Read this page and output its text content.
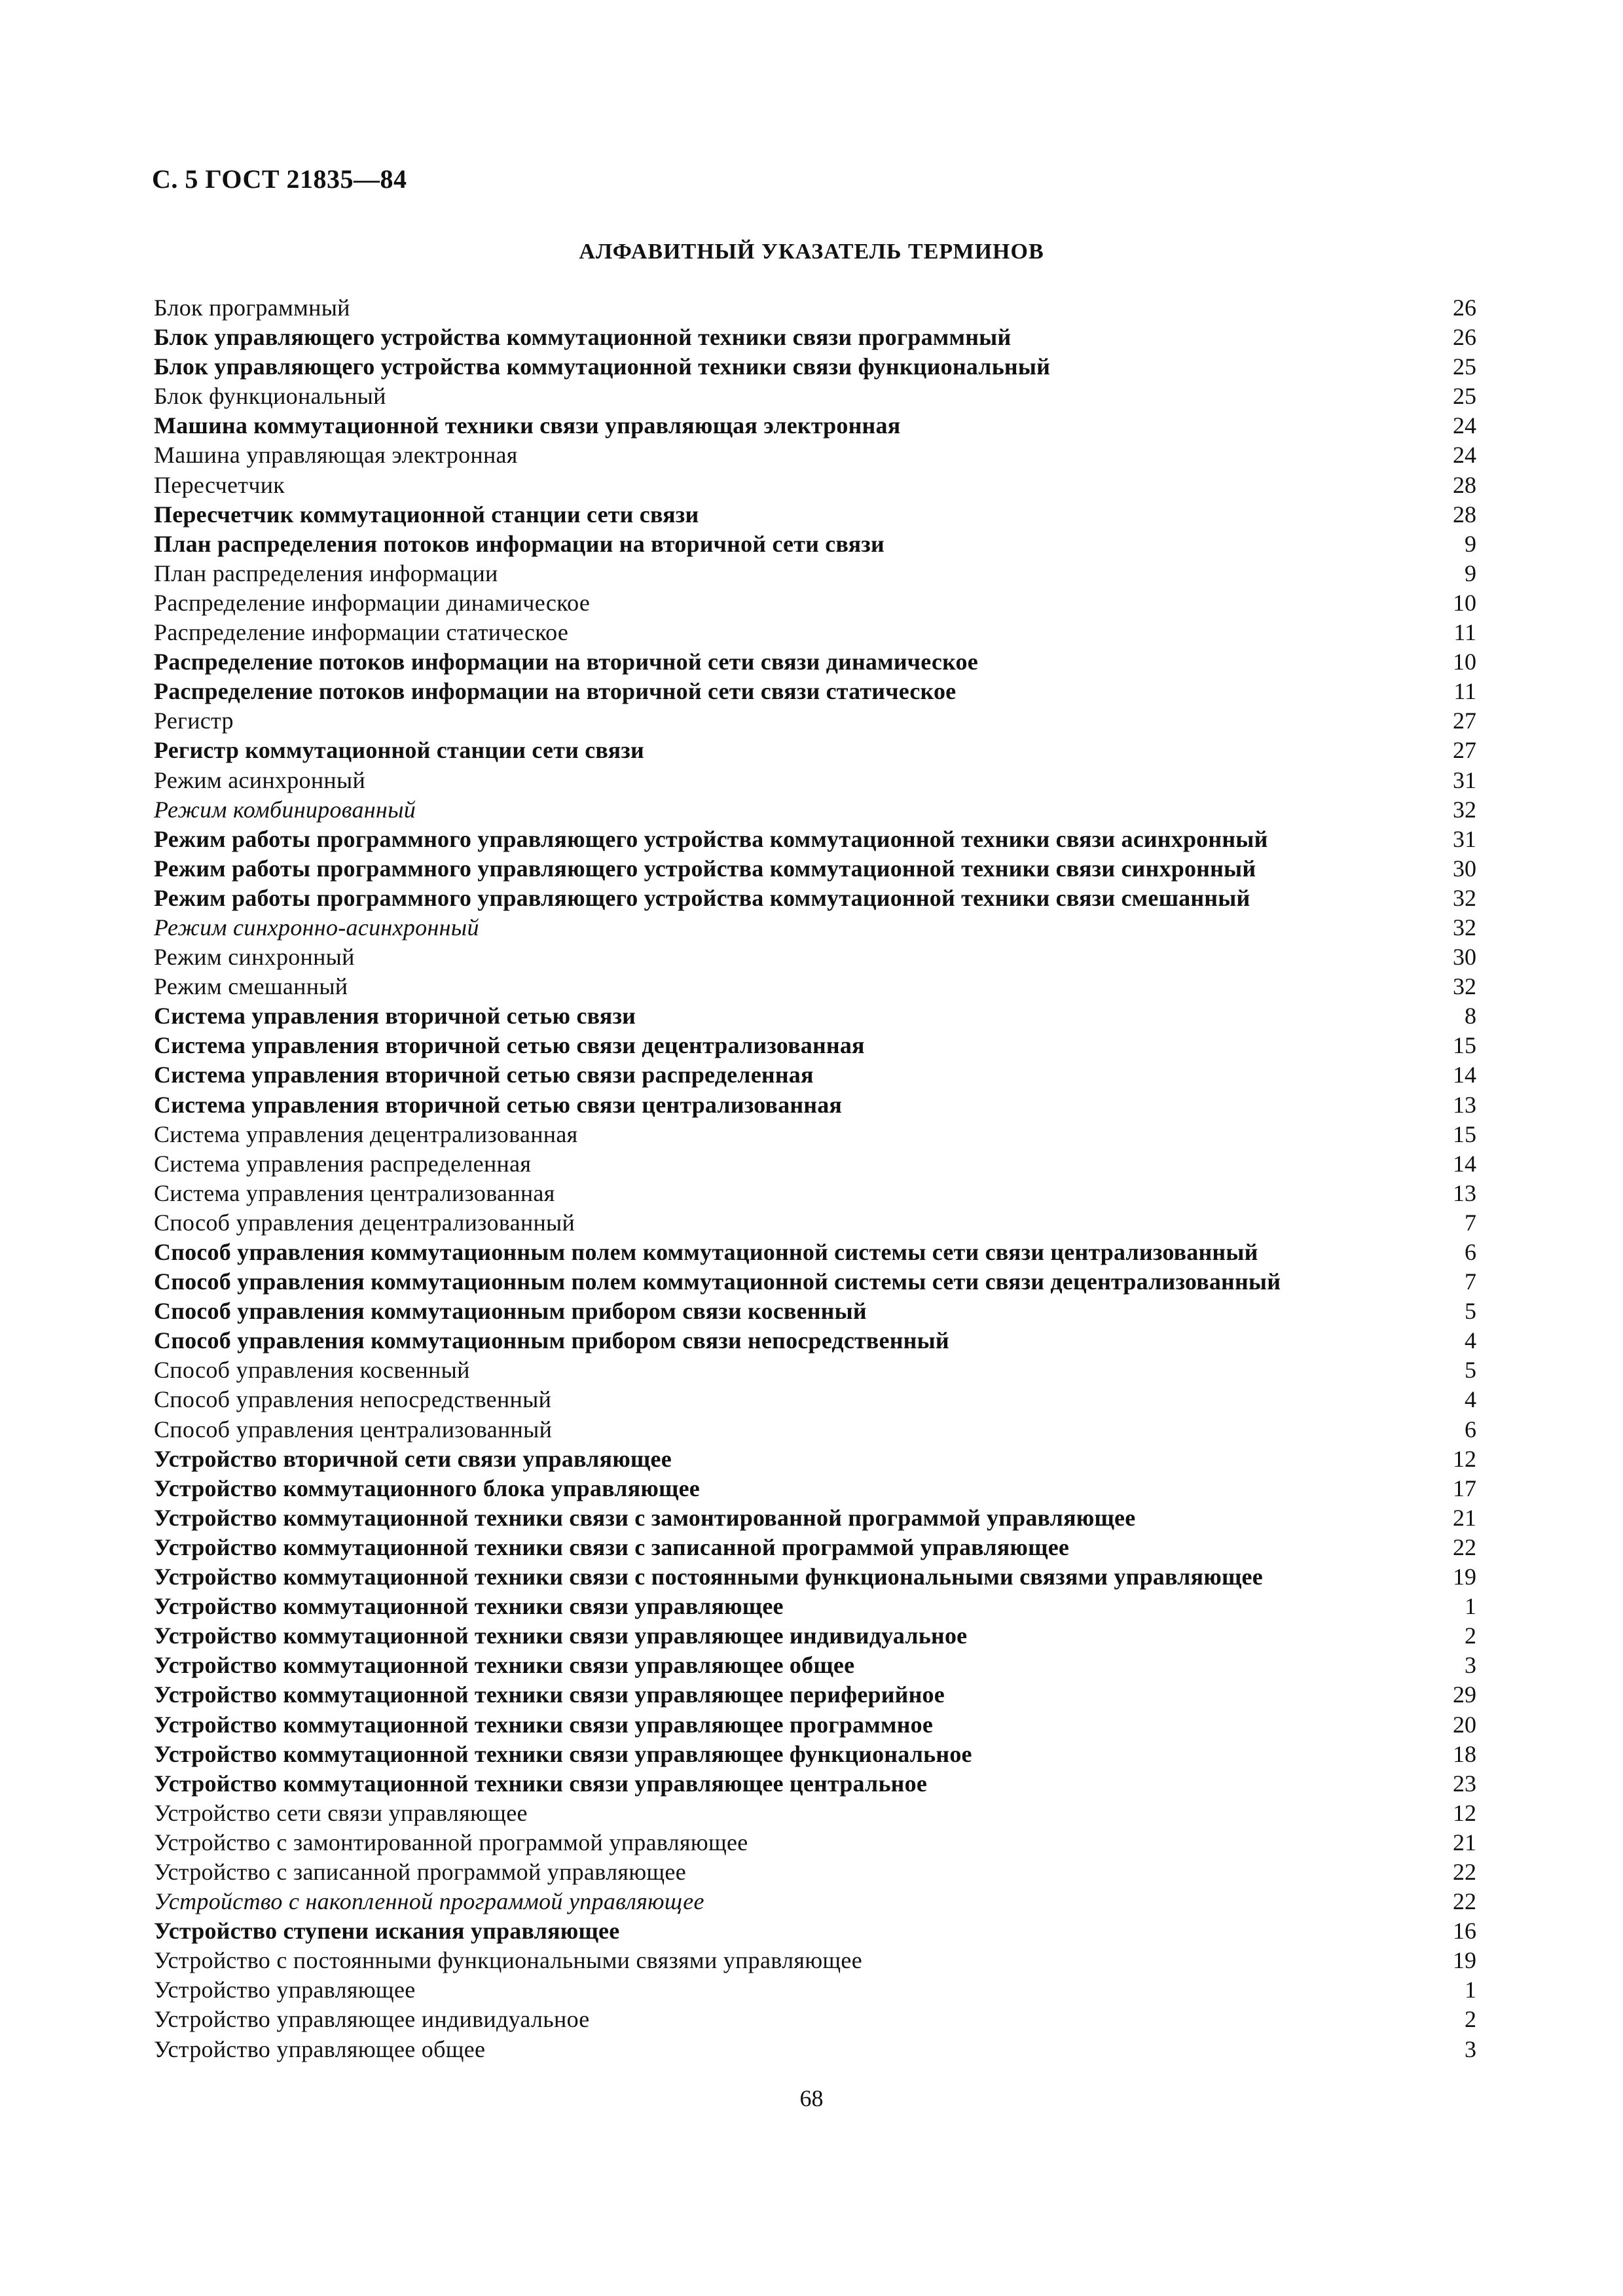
С. 5 ГОСТ 21835—84
АЛФАВИТНЫЙ УКАЗАТЕЛЬ ТЕРМИНОВ
Блок программный	26
Блок управляющего устройства коммутационной техники связи программный	26
Блок управляющего устройства коммутационной техники связи функциональный	25
Блок функциональный	25
Машина коммутационной техники связи управляющая электронная	24
Машина управляющая электронная	24
Пересчетчик	28
Пересчетчик коммутационной станции сети связи	28
План распределения потоков информации на вторичной сети связи	9
План распределения информации	9
Распределение информации динамическое	10
Распределение информации статическое	11
Распределение потоков информации на вторичной сети связи динамическое	10
Распределение потоков информации на вторичной сети связи статическое	11
Регистр	27
Регистр коммутационной станции сети связи	27
Режим асинхронный	31
Режим комбинированный	32
Режим работы программного управляющего устройства коммутационной техники связи асинхронный	31
Режим работы программного управляющего устройства коммутационной техники связи синхронный	30
Режим работы программного управляющего устройства коммутационной техники связи смешанный	32
Режим синхронно-асинхронный	32
Режим синхронный	30
Режим смешанный	32
Система управления вторичной сетью связи	8
Система управления вторичной сетью связи децентрализованная	15
Система управления вторичной сетью связи распределенная	14
Система управления вторичной сетью связи централизованная	13
Система управления децентрализованная	15
Система управления распределенная	14
Система управления централизованная	13
Способ управления децентрализованный	7
Способ управления коммутационным полем коммутационной системы сети связи централизованный	6
Способ управления коммутационным полем коммутационной системы сети связи децентрализованный	7
Способ управления коммутационным прибором связи косвенный	5
Способ управления коммутационным прибором связи непосредственный	4
Способ управления косвенный	5
Способ управления непосредственный	4
Способ управления централизованный	6
Устройство вторичной сети связи управляющее	12
Устройство коммутационного блока управляющее	17
Устройство коммутационной техники связи с замонтированной программой управляющее	21
Устройство коммутационной техники связи с записанной программой управляющее	22
Устройство коммутационной техники связи с постоянными функциональными связями управляющее	19
Устройство коммутационной техники связи управляющее	1
Устройство коммутационной техники связи управляющее индивидуальное	2
Устройство коммутационной техники связи управляющее общее	3
Устройство коммутационной техники связи управляющее периферийное	29
Устройство коммутационной техники связи управляющее программное	20
Устройство коммутационной техники связи управляющее функциональное	18
Устройство коммутационной техники связи управляющее центральное	23
Устройство сети связи управляющее	12
Устройство с замонтированной программой управляющее	21
Устройство с записанной программой управляющее	22
Устройство с накопленной программой управляющее	22
Устройство ступени искания управляющее	16
Устройство с постоянными функциональными связями управляющее	19
Устройство управляющее	1
Устройство управляющее индивидуальное	2
Устройство управляющее общее	3
68
